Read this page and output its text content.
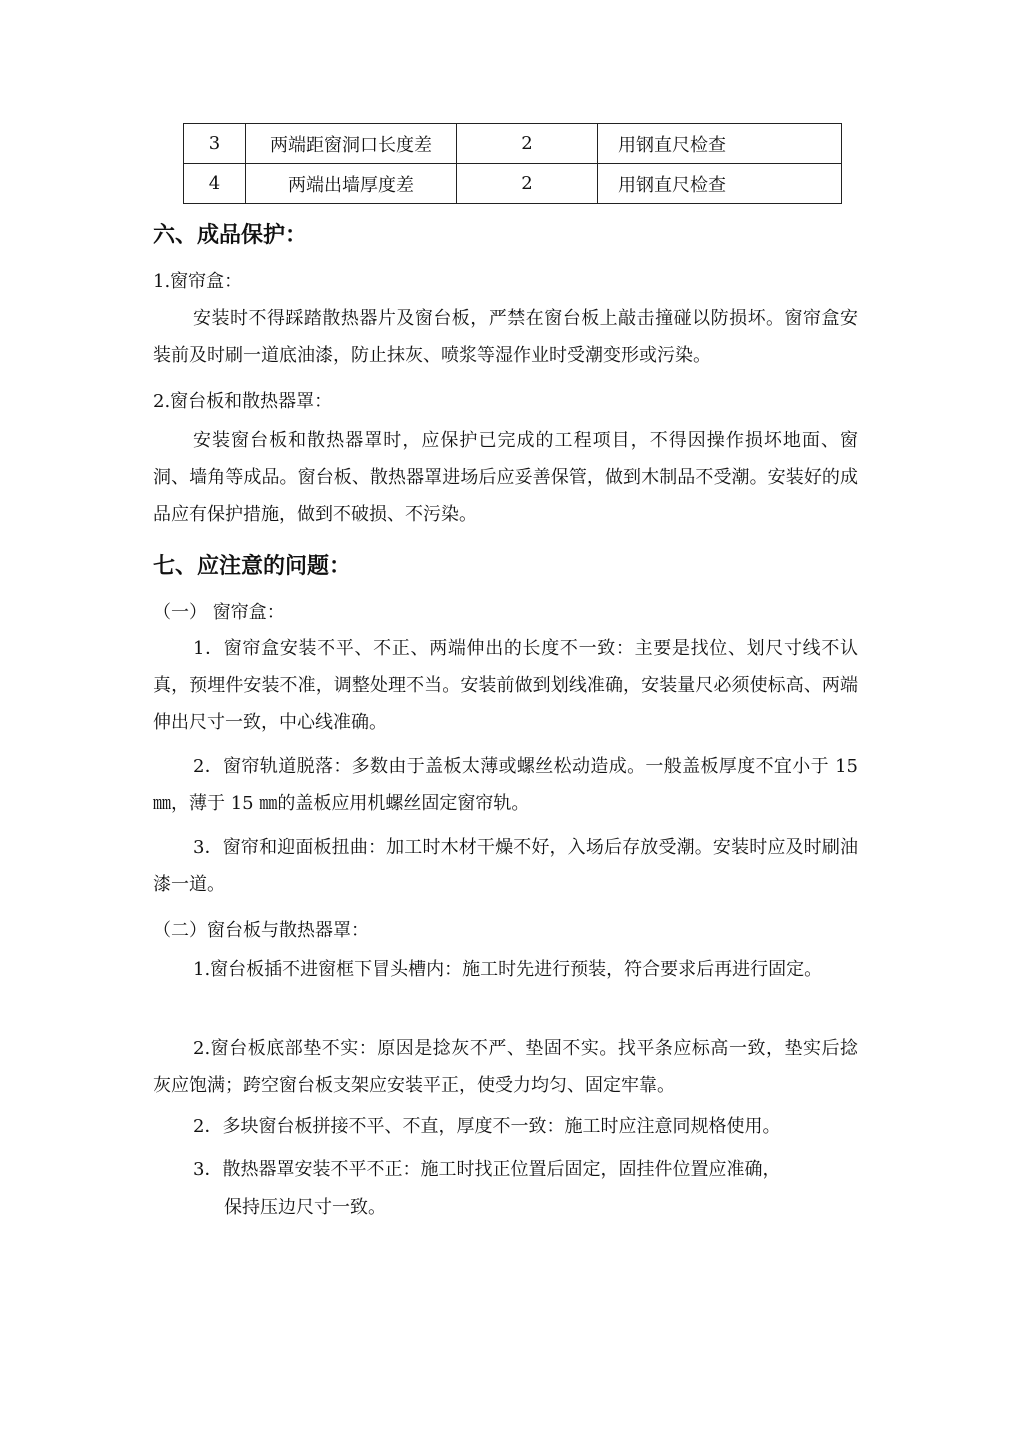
3	两端距窗洞口长度差	2	用钢直尺检查
4	两端出墙厚度差	2	用钢直尺检查
六、成品保护：

1.窗帘盒：

安装时不得踩踏散热器片及窗台板，严禁在窗台板上敲击撞碰以防损坏。窗帘盒安装前及时刷一道底油漆，防止抹灰、喷浆等湿作业时受潮变形或污染。

2.窗台板和散热器罩：

安装窗台板和散热器罩时，应保护已完成的工程项目，不得因操作损坏地面、窗洞、墙角等成品。窗台板、散热器罩进场后应妥善保管，做到木制品不受潮。安装好的成品应有保护措施，做到不破损、不污染。

七、应注意的问题：

（一） 窗帘盒：

1．窗帘盒安装不平、不正、两端伸出的长度不一致：主要是找位、划尺寸线不认真，预埋件安装不准，调整处理不当。安装前做到划线准确，安装量尺必须使标高、两端伸出尺寸一致，中心线准确。

2．窗帘轨道脱落：多数由于盖板太薄或螺丝松动造成。一般盖板厚度不宜小于 15 ㎜，薄于 15 ㎜的盖板应用机螺丝固定窗帘轨。

3．窗帘和迎面板扭曲：加工时木材干燥不好，入场后存放受潮。安装时应及时刷油漆一道。

（二）窗台板与散热器罩：

1.窗台板插不进窗框下冒头槽内：施工时先进行预装，符合要求后再进行固定。

2.窗台板底部垫不实：原因是捻灰不严、垫固不实。找平条应标高一致，垫实后捻灰应饱满；跨空窗台板支架应安装平正，使受力均匀、固定牢靠。

2．多块窗台板拼接不平、不直，厚度不一致：施工时应注意同规格使用。

3．散热器罩安装不平不正：施工时找正位置后固定，固挂件位置应准确，

保持压边尺寸一致。
